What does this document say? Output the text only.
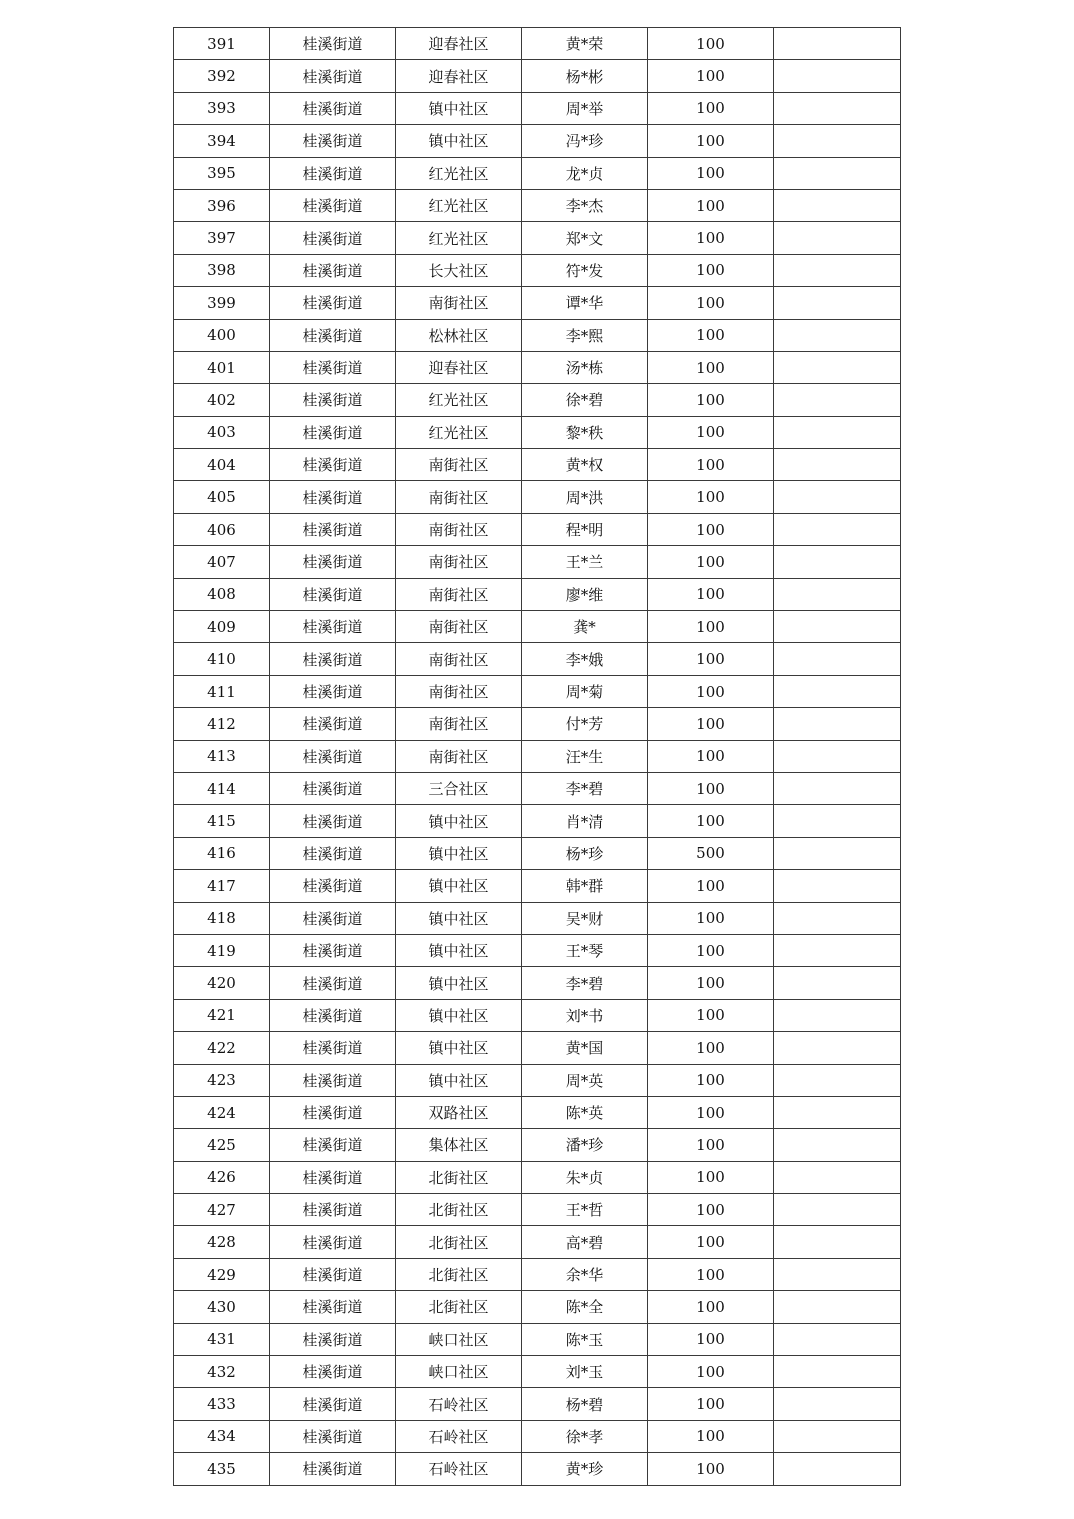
391	桂溪街道	迎春社区	黄*荣	100	
392	桂溪街道	迎春社区	杨*彬	100	
393	桂溪街道	镇中社区	周*举	100	
394	桂溪街道	镇中社区	冯*珍	100	
395	桂溪街道	红光社区	龙*贞	100	
396	桂溪街道	红光社区	李*杰	100	
397	桂溪街道	红光社区	郑*文	100	
398	桂溪街道	长大社区	符*发	100	
399	桂溪街道	南街社区	谭*华	100	
400	桂溪街道	松林社区	李*熙	100	
401	桂溪街道	迎春社区	汤*栋	100	
402	桂溪街道	红光社区	徐*碧	100	
403	桂溪街道	红光社区	黎*秩	100	
404	桂溪街道	南街社区	黄*权	100	
405	桂溪街道	南街社区	周*洪	100	
406	桂溪街道	南街社区	程*明	100	
407	桂溪街道	南街社区	王*兰	100	
408	桂溪街道	南街社区	廖*维	100	
409	桂溪街道	南街社区	龚*	100	
410	桂溪街道	南街社区	李*娥	100	
411	桂溪街道	南街社区	周*菊	100	
412	桂溪街道	南街社区	付*芳	100	
413	桂溪街道	南街社区	汪*生	100	
414	桂溪街道	三合社区	李*碧	100	
415	桂溪街道	镇中社区	肖*清	100	
416	桂溪街道	镇中社区	杨*珍	500	
417	桂溪街道	镇中社区	韩*群	100	
418	桂溪街道	镇中社区	吴*财	100	
419	桂溪街道	镇中社区	王*琴	100	
420	桂溪街道	镇中社区	李*碧	100	
421	桂溪街道	镇中社区	刘*书	100	
422	桂溪街道	镇中社区	黄*国	100	
423	桂溪街道	镇中社区	周*英	100	
424	桂溪街道	双路社区	陈*英	100	
425	桂溪街道	集体社区	潘*珍	100	
426	桂溪街道	北街社区	朱*贞	100	
427	桂溪街道	北街社区	王*哲	100	
428	桂溪街道	北街社区	高*碧	100	
429	桂溪街道	北街社区	余*华	100	
430	桂溪街道	北街社区	陈*全	100	
431	桂溪街道	峡口社区	陈*玉	100	
432	桂溪街道	峡口社区	刘*玉	100	
433	桂溪街道	石岭社区	杨*碧	100	
434	桂溪街道	石岭社区	徐*孝	100	
435	桂溪街道	石岭社区	黄*珍	100	
